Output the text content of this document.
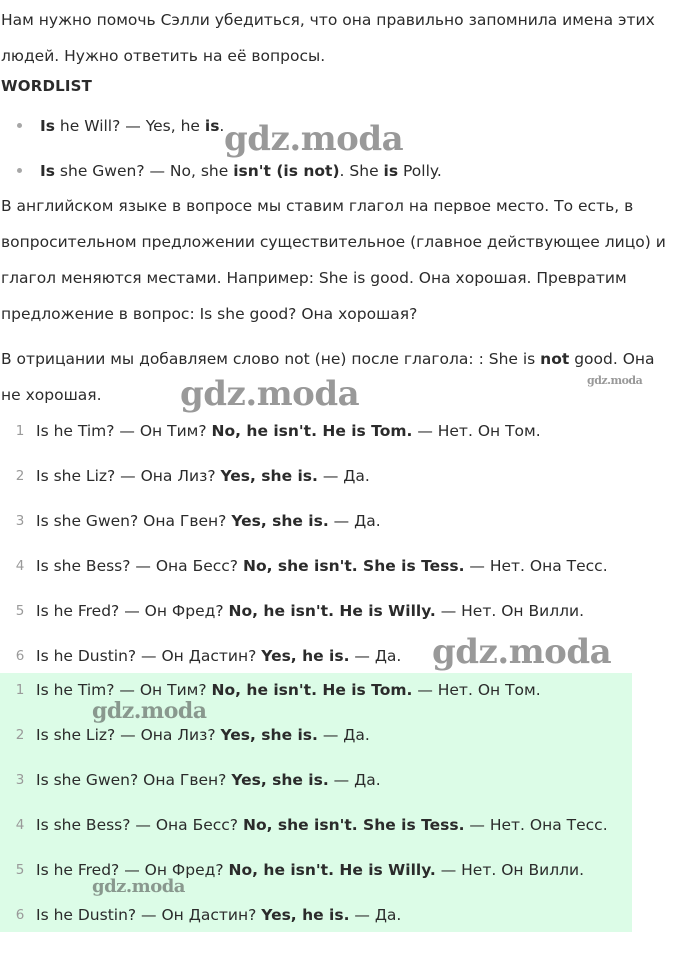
Нам нужно помочь Сэлли убедиться, что она правильно запомнила имена этих людей. Нужно ответить на её вопросы.

WORDLIST
Is he Will? — Yes, he is.
Is she Gwen? — No, she isn't (is not). She is Polly.

В английском языке в вопросе мы ставим глагол на первое место. То есть, в вопросительном предложении существительное (главное действующее лицо) и глагол меняются местами. Например: She is good. Она хорошая. Превратим предложение в вопрос: Is she good? Она хорошая?

В отрицании мы добавляем слово not (не) после глагола: : She is not good. Она не хорошая.

1 Is he Tim? — Он Тим? No, he isn't. He is Tom. — Нет. Он Том.
2 Is she Liz? — Она Лиз? Yes, she is. — Да.
3 Is she Gwen? Она Гвен? Yes, she is. — Да.
4 Is she Bess? — Она Бесс? No, she isn't. She is Tess. — Нет. Она Тесс.
5 Is he Fred? — Он Фред? No, he isn't. He is Willy. — Нет. Он Вилли.
6 Is he Dustin? — Он Дастин? Yes, he is. — Да.
1 Is he Tim? — Он Тим? No, he isn't. He is Tom. — Нет. Он Том.
2 Is she Liz? — Она Лиз? Yes, she is. — Да.
3 Is she Gwen? Она Гвен? Yes, she is. — Да.
4 Is she Bess? — Она Бесс? No, she isn't. She is Tess. — Нет. Она Тесс.
5 Is he Fred? — Он Фред? No, he isn't. He is Willy. — Нет. Он Вилли.
6 Is he Dustin? — Он Дастин? Yes, he is. — Да.
gdz.moda
gdz.moda
gdz.moda
gdz.moda
gdz.moda
gdz.moda
